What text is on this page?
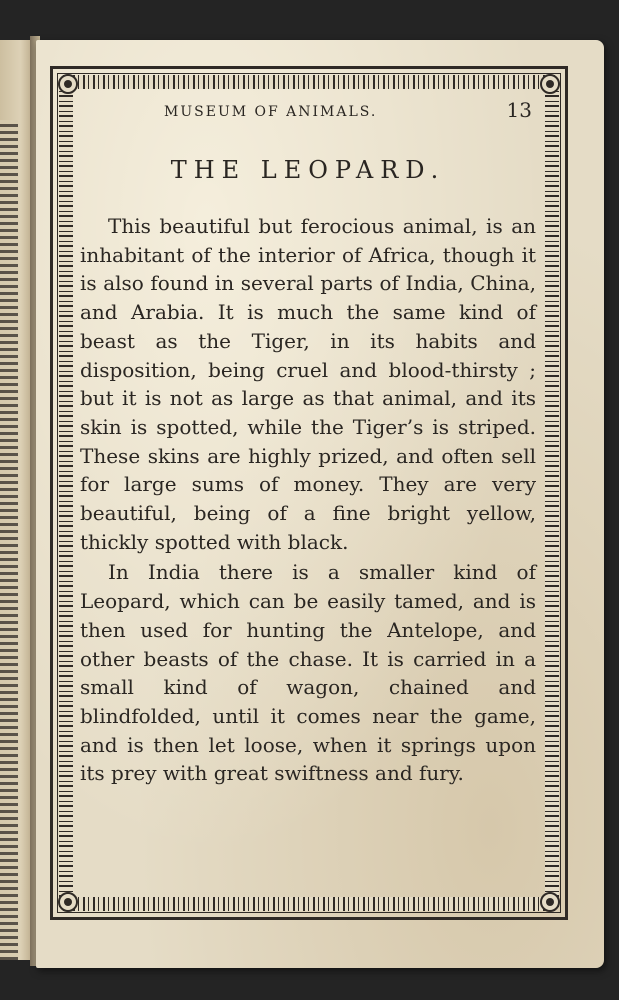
MUSEUM OF ANIMALS.	13
THE LEOPARD.

This beautiful but ferocious animal, is an inhabitant of the interior of Africa, though it is also found in several parts of India, China, and Arabia. It is much the same kind of beast as the Tiger, in its habits and disposition, being cruel and blood-thirsty ; but it is not as large as that animal, and its skin is spotted, while the Tiger’s is striped. These skins are highly prized, and often sell for large sums of money. They are very beautiful, being of a fine bright yellow, thickly spotted with black.

In India there is a smaller kind of Leopard, which can be easily tamed, and is then used for hunting the Antelope, and other beasts of the chase. It is carried in a small kind of wagon, chained and blindfolded, until it comes near the game, and is then let loose, when it springs upon its prey with great swiftness and fury.
